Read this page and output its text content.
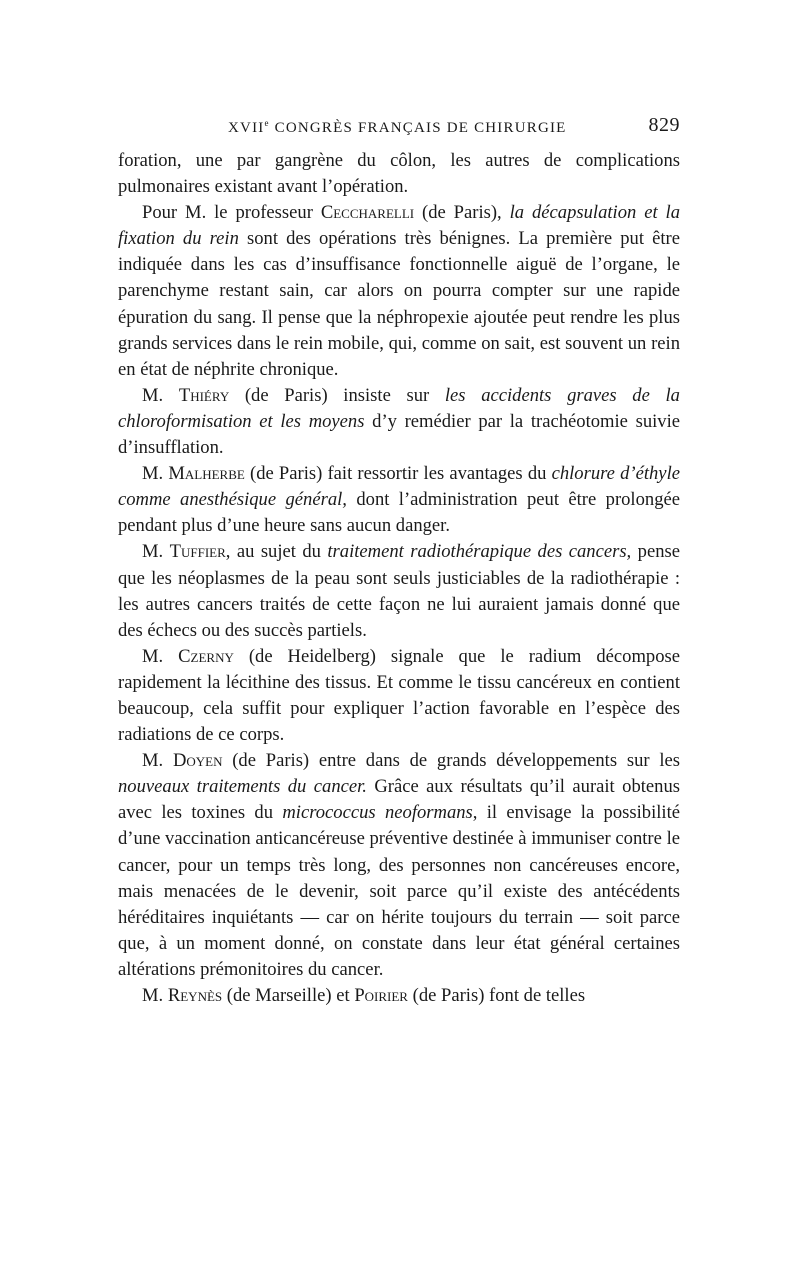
XVIIe CONGRÈS FRANÇAIS DE CHIRURGIE	829

foration, une par gangrène du côlon, les autres de complications pulmonaires existant avant l’opération.

Pour M. le professeur Ceccharelli (de Paris), la décapsulation et la fixation du rein sont des opérations très bénignes. La première put être indiquée dans les cas d’insuffisance fonctionnelle aiguë de l’organe, le parenchyme restant sain, car alors on pourra compter sur une rapide épuration du sang. Il pense que la néphropexie ajoutée peut rendre les plus grands services dans le rein mobile, qui, comme on sait, est souvent un rein en état de néphrite chronique.

M. Thiéry (de Paris) insiste sur les accidents graves de la chloroformisation et les moyens d’y remédier par la trachéotomie suivie d’insufflation.

M. Malherbe (de Paris) fait ressortir les avantages du chlorure d’éthyle comme anesthésique général, dont l’administration peut être prolongée pendant plus d’une heure sans aucun danger.

M. Tuffier, au sujet du traitement radiothérapique des cancers, pense que les néoplasmes de la peau sont seuls justiciables de la radiothérapie : les autres cancers traités de cette façon ne lui auraient jamais donné que des échecs ou des succès partiels.

M. Czerny (de Heidelberg) signale que le radium décompose rapidement la lécithine des tissus. Et comme le tissu cancéreux en contient beaucoup, cela suffit pour expliquer l’action favorable en l’espèce des radiations de ce corps.

M. Doyen (de Paris) entre dans de grands développements sur les nouveaux traitements du cancer. Grâce aux résultats qu’il aurait obtenus avec les toxines du micrococcus neoformans, il envisage la possibilité d’une vaccination anticancéreuse préventive destinée à immuniser contre le cancer, pour un temps très long, des personnes non cancéreuses encore, mais menacées de le devenir, soit parce qu’il existe des antécédents héréditaires inquiétants — car on hérite toujours du terrain — soit parce que, à un moment donné, on constate dans leur état général certaines altérations prémonitoires du cancer.

M. Reynès (de Marseille) et Poirier (de Paris) font de telles
